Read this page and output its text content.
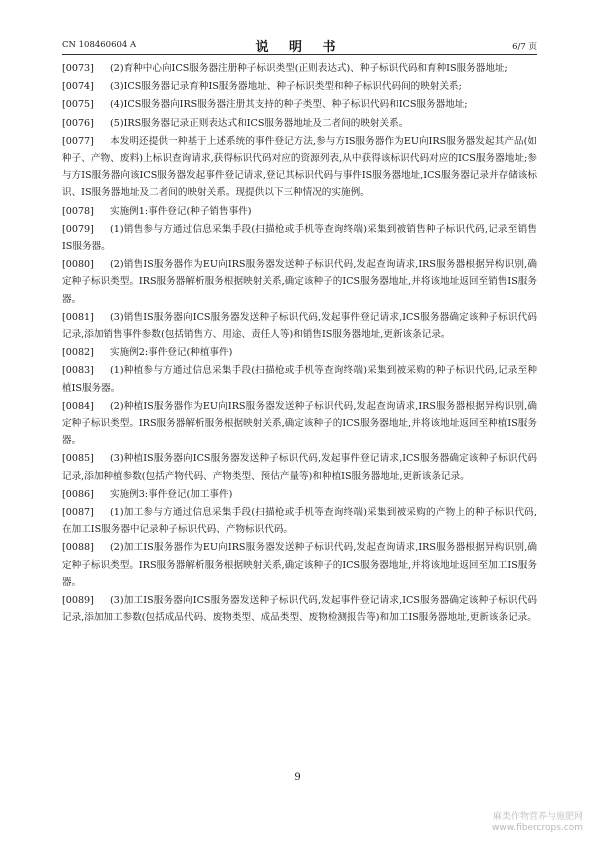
CN 108460604 A	说 明 书	6/7 页
[0073] (2)育种中心向ICS服务器注册种子标识类型(正则表达式)、种子标识代码和育种IS服务器地址;
[0074] (3)ICS服务器记录育种IS服务器地址、种子标识类型和种子标识代码间的映射关系;
[0075] (4)ICS服务器向IRS服务器注册其支持的种子类型、种子标识代码和ICS服务器地址;
[0076] (5)IRS服务器记录正则表达式和ICS服务器地址及二者间的映射关系。
[0077] 本发明还提供一种基于上述系统的事件登记方法,参与方IS服务器作为EU向IRS服务器发起其产品(如种子、产物、废料)上标识查询请求,获得标识代码对应的资源列表,从中获得该标识代码对应的ICS服务器地址;参与方IS服务器向该ICS服务器发起事件登记请求,登记其标识代码与事件IS服务器地址,ICS服务器记录并存储该标识、IS服务器地址及二者间的映射关系。现提供以下三种情况的实施例。
[0078] 实施例1:事件登记(种子销售事件)
[0079] (1)销售参与方通过信息采集手段(扫描枪或手机等查询终端)采集到被销售种子标识代码,记录至销售IS服务器。
[0080] (2)销售IS服务器作为EU向IRS服务器发送种子标识代码,发起查询请求,IRS服务器根据异构识别,确定种子标识类型。IRS服务器解析服务根据映射关系,确定该种子的ICS服务器地址,并将该地址返回至销售IS服务器。
[0081] (3)销售IS服务器向ICS服务器发送种子标识代码,发起事件登记请求,ICS服务器确定该种子标识代码记录,添加销售事件参数(包括销售方、用途、责任人等)和销售IS服务器地址,更新该条记录。
[0082] 实施例2:事件登记(种植事件)
[0083] (1)种植参与方通过信息采集手段(扫描枪或手机等查询终端)采集到被采购的种子标识代码,记录至种植IS服务器。
[0084] (2)种植IS服务器作为EU向IRS服务器发送种子标识代码,发起查询请求,IRS服务器根据异构识别,确定种子标识类型。IRS服务器解析服务根据映射关系,确定该种子的ICS服务器地址,并将该地址返回至种植IS服务器。
[0085] (3)种植IS服务器向ICS服务器发送种子标识代码,发起事件登记请求,ICS服务器确定该种子标识代码记录,添加种植参数(包括产物代码、产物类型、预估产量等)和种植IS服务器地址,更新该条记录。
[0086] 实施例3:事件登记(加工事件)
[0087] (1)加工参与方通过信息采集手段(扫描枪或手机等查询终端)采集到被采购的产物上的种子标识代码,在加工IS服务器中记录种子标识代码、产物标识代码。
[0088] (2)加工IS服务器作为EU向IRS服务器发送种子标识代码,发起查询请求,IRS服务器根据异构识别,确定种子标识类型。IRS服务器解析服务根据映射关系,确定该种子的ICS服务器地址,并将该地址返回至加工IS服务器。
[0089] (3)加工IS服务器向ICS服务器发送种子标识代码,发起事件登记请求,ICS服务器确定该种子标识代码记录,添加加工参数(包括成品代码、废物类型、成品类型、废物检测报告等)和加工IS服务器地址,更新该条记录。
9
麻类作物营养与施肥网
www.fibercrops.com
